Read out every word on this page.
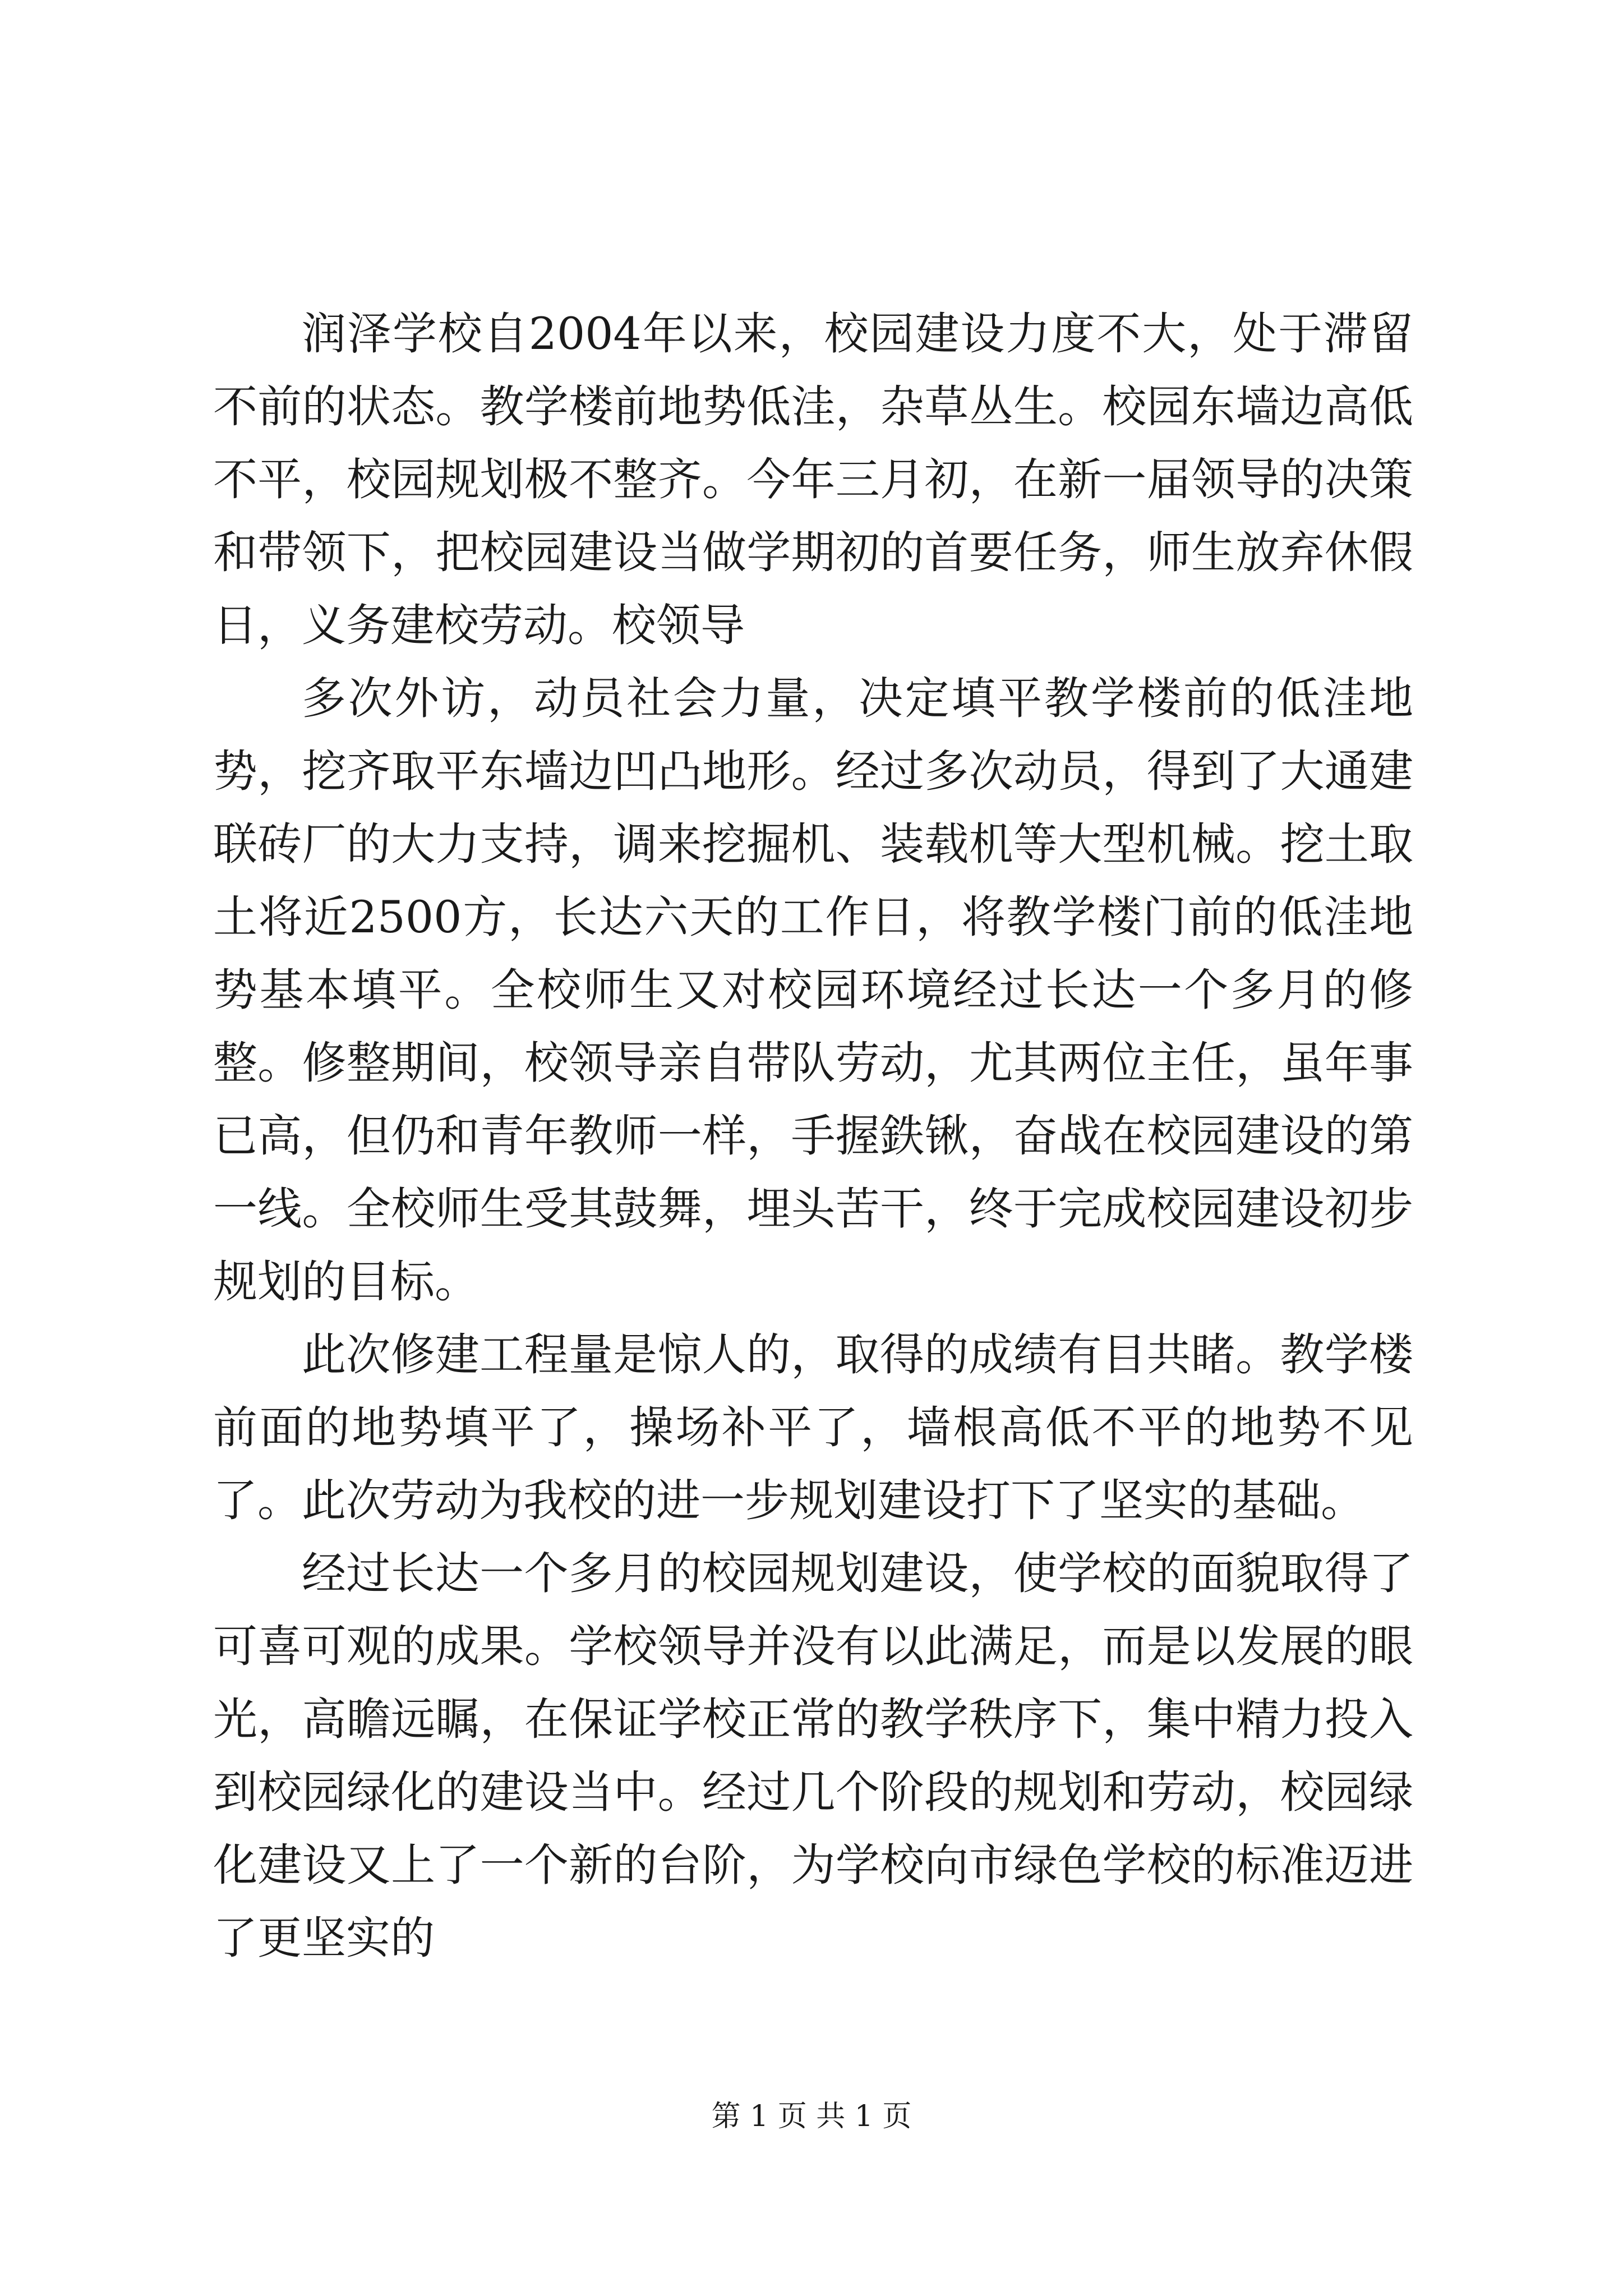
润泽学校自2004年以来，校园建设力度不大，处于滞留不前的状态。教学楼前地势低洼，杂草丛生。校园东墙边高低不平，校园规划极不整齐。今年三月初，在新一届领导的决策和带领下，把校园建设当做学期初的首要任务，师生放弃休假日，义务建校劳动。校领导

多次外访，动员社会力量，决定填平教学楼前的低洼地势，挖齐取平东墙边凹凸地形。经过多次动员，得到了大通建联砖厂的大力支持，调来挖掘机、装载机等大型机械。挖土取土将近2500方，长达六天的工作日，将教学楼门前的低洼地势基本填平。全校师生又对校园环境经过长达一个多月的修整。修整期间，校领导亲自带队劳动，尤其两位主任，虽年事已高，但仍和青年教师一样，手握鉄锹，奋战在校园建设的第一线。全校师生受其鼓舞，埋头苦干，终于完成校园建设初步规划的目标。

此次修建工程量是惊人的，取得的成绩有目共睹。教学楼前面的地势填平了，操场补平了，墙根高低不平的地势不见了。此次劳动为我校的进一步规划建设打下了坚实的基础。

经过长达一个多月的校园规划建设，使学校的面貌取得了可喜可观的成果。学校领导并没有以此满足，而是以发展的眼光，高瞻远瞩，在保证学校正常的教学秩序下，集中精力投入到校园绿化的建设当中。经过几个阶段的规划和劳动，校园绿化建设又上了一个新的台阶，为学校向市绿色学校的标准迈进了更坚实的

第 1 页 共 1 页
